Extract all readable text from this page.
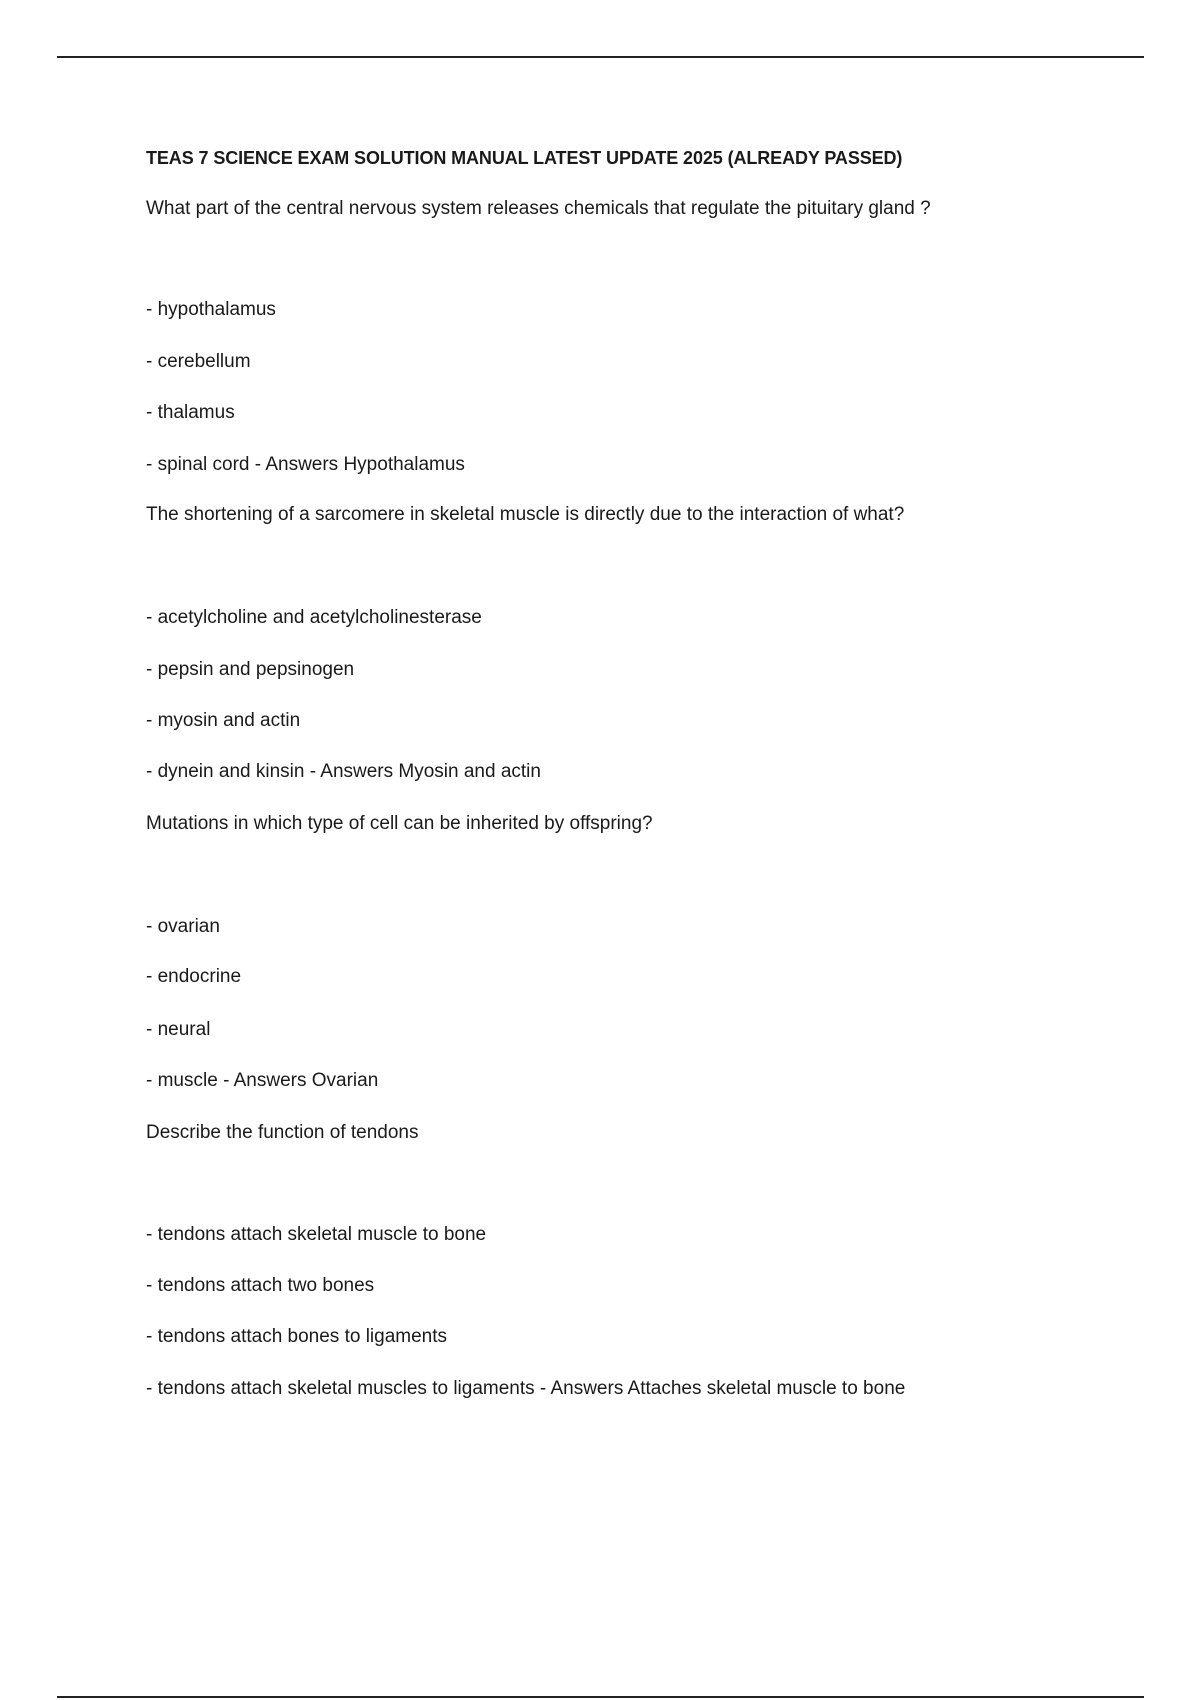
TEAS 7 SCIENCE EXAM SOLUTION MANUAL LATEST UPDATE 2025 (ALREADY PASSED)

What part of the central nervous system releases chemicals that regulate the pituitary gland ?

- hypothalamus

- cerebellum

- thalamus

- spinal cord - Answers Hypothalamus

The shortening of a sarcomere in skeletal muscle is directly due to the interaction of what?

- acetylcholine and acetylcholinesterase

- pepsin and pepsinogen

- myosin and actin

- dynein and kinsin - Answers Myosin and actin

Mutations in which type of cell can be inherited by offspring?

- ovarian

- endocrine

- neural

- muscle - Answers Ovarian

Describe the function of tendons

- tendons attach skeletal muscle to bone

- tendons attach two bones

- tendons attach bones to ligaments

- tendons attach skeletal muscles to ligaments - Answers Attaches skeletal muscle to bone
